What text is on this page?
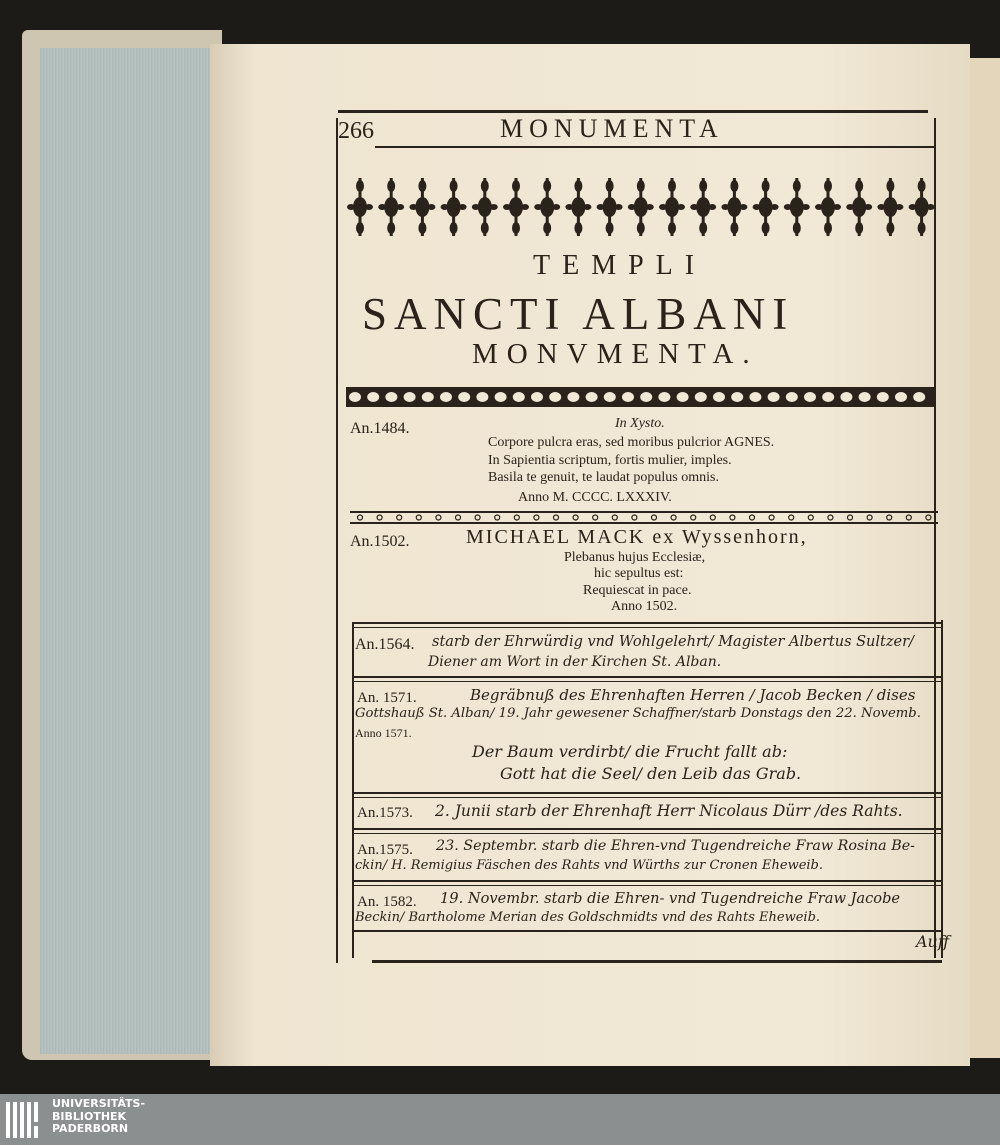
266	MONUMENTA
TEMPLI
SANCTI ALBANI
MONVMENTA.
An.1484.	In Xysto.
Corpore pulcra eras, sed moribus pulcrior AGNES.
In Sapientia scriptum, fortis mulier, imples.
Basila te genuit, te laudat populus omnis.
Anno M. CCCC. LXXXIV.
An.1502.	MICHAEL MACK ex Wyssenhorn,
Plebanus hujus Ecclesiæ,
hic sepultus est:
Requiescat in pace.
Anno 1502.
An.1564. starb der Ehrwürdig vnd Wohlgelehrt/ Magister Albertus Sultzer/
Diener am Wort in der Kirchen St. Alban.
An. 1571.	Begräbnuß des Ehrenhaften Herren / Jacob Becken / dises
Gottshauß St. Alban/ 19. Jahr gewesener Schaffner/starb Donstags den 22. Novemb.
Anno 1571.
Der Baum verdirbt/ die Frucht fallt ab:
Gott hat die Seel/ den Leib das Grab.
An.1573. 2. Junii starb der Ehrenhaft Herr Nicolaus Dürr /des Rahts.
An.1575. 23. Septembr. starb die Ehren-vnd Tugendreiche Fraw Rosina Be-
ckin/ H. Remigius Fäschen des Rahts vnd Würths zur Cronen Eheweib.
An. 1582. 19. Novembr. starb die Ehren- vnd Tugendreiche Fraw Jacobe
Beckin/ Bartholome Merian des Goldschmidts vnd des Rahts Eheweib.
Auff
UNIVERSITÄTS-
BIBLIOTHEK
PADERBORN
